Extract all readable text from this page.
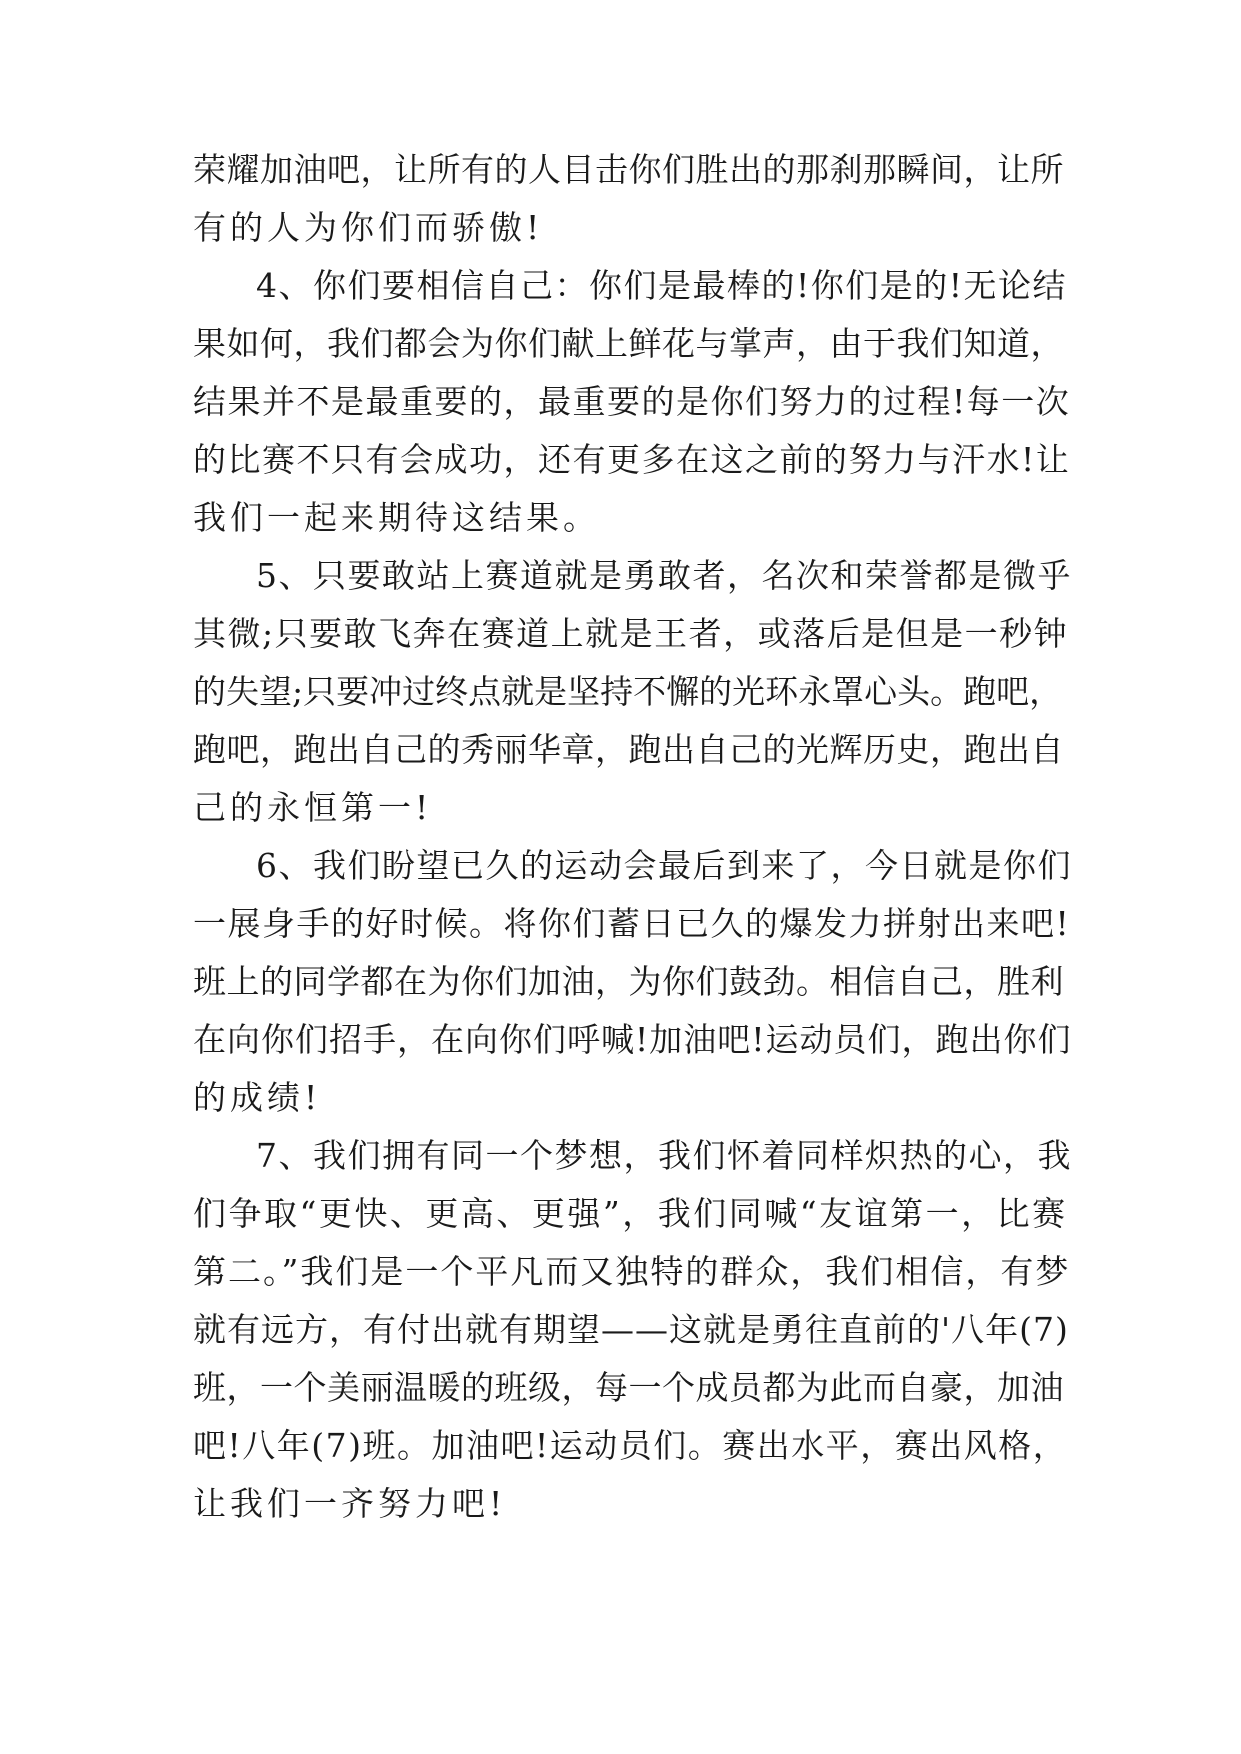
荣耀加油吧，让所有的人目击你们胜出的那刹那瞬间，让所
有的人为你们而骄傲!
4、你们要相信自己：你们是最棒的!你们是的!无论结
果如何，我们都会为你们献上鲜花与掌声，由于我们知道，
结果并不是最重要的，最重要的是你们努力的过程!每一次
的比赛不只有会成功，还有更多在这之前的努力与汗水!让
我们一起来期待这结果。
5、只要敢站上赛道就是勇敢者，名次和荣誉都是微乎
其微;只要敢飞奔在赛道上就是王者，或落后是但是一秒钟
的失望;只要冲过终点就是坚持不懈的光环永罩心头。跑吧，
跑吧，跑出自己的秀丽华章，跑出自己的光辉历史，跑出自
己的永恒第一!
6、我们盼望已久的运动会最后到来了，今日就是你们
一展身手的好时候。将你们蓄日已久的爆发力拼射出来吧!
班上的同学都在为你们加油，为你们鼓劲。相信自己，胜利
在向你们招手，在向你们呼喊!加油吧!运动员们，跑出你们
的成绩!
7、我们拥有同一个梦想，我们怀着同样炽热的心，我
们争取“更快、更高、更强”，我们同喊“友谊第一，比赛
第二。”我们是一个平凡而又独特的群众，我们相信，有梦
就有远方，有付出就有期望——这就是勇往直前的'八年(7)
班，一个美丽温暖的班级，每一个成员都为此而自豪，加油
吧!八年(7)班。加油吧!运动员们。赛出水平，赛出风格，
让我们一齐努力吧!
